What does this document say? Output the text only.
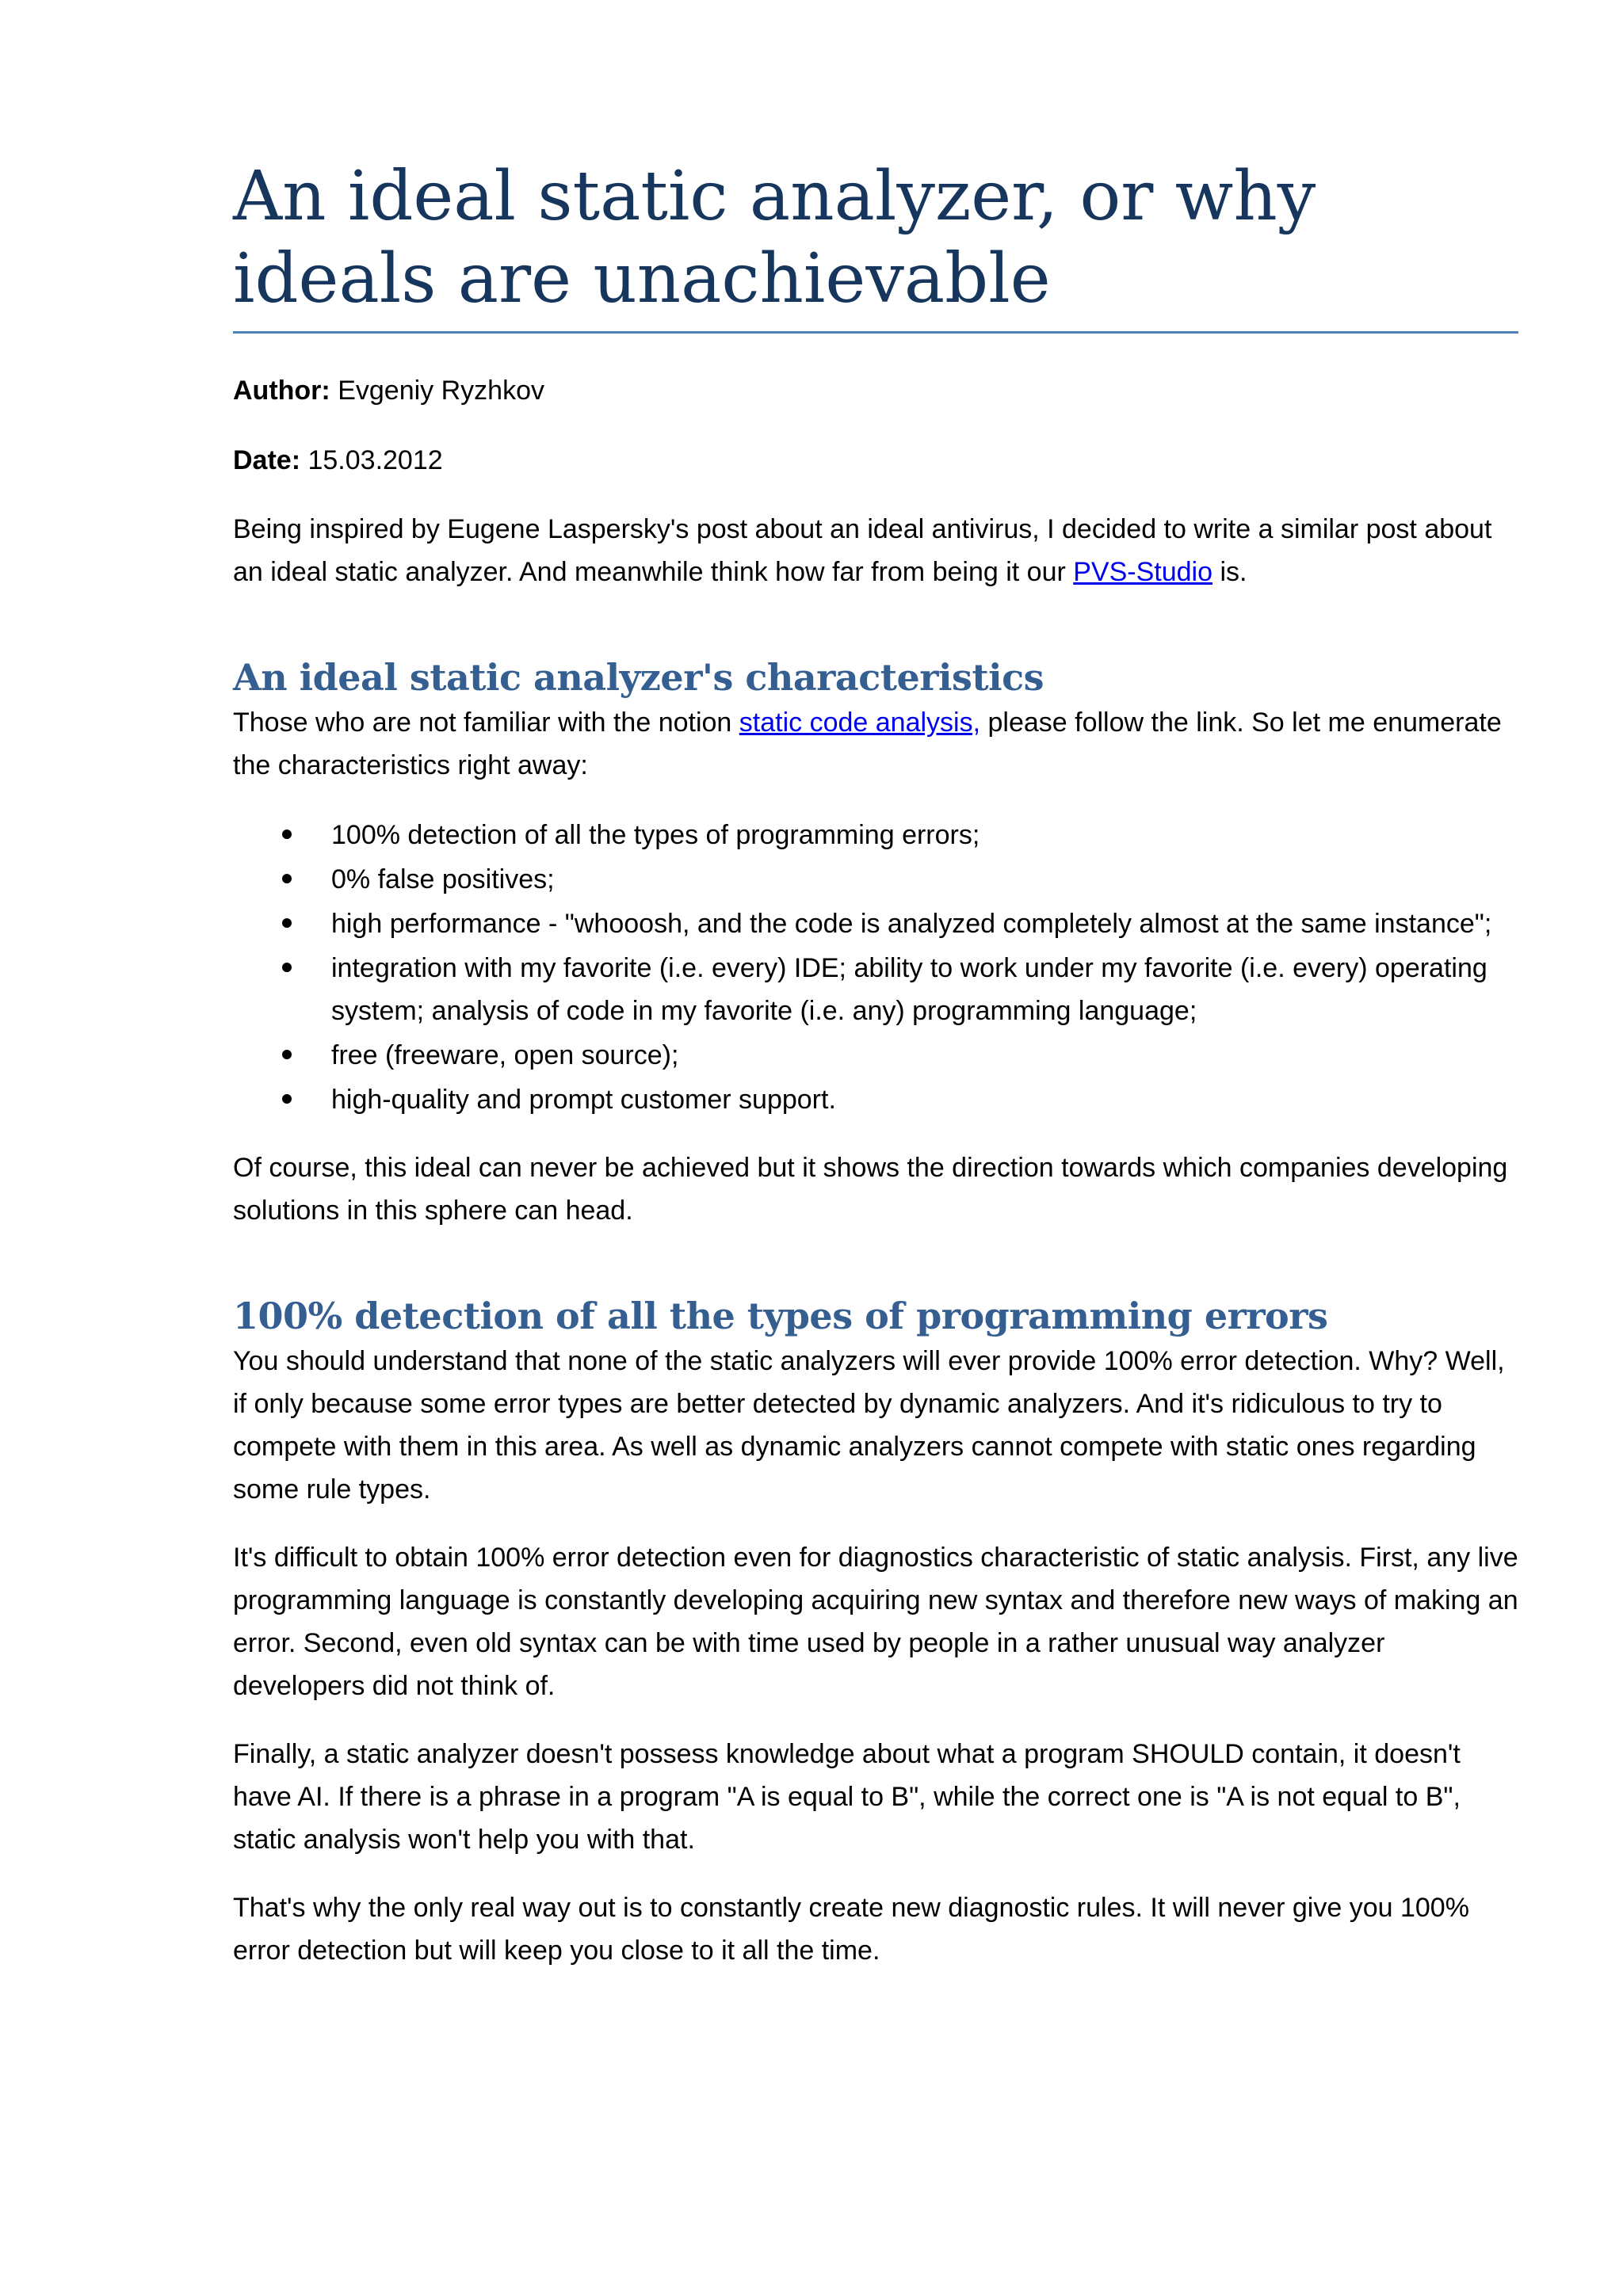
An ideal static analyzer, or why ideals are unachievable

Author: Evgeniy Ryzhkov

Date: 15.03.2012

Being inspired by Eugene Laspersky's post about an ideal antivirus, I decided to write a similar post about an ideal static analyzer. And meanwhile think how far from being it our PVS-Studio is.

An ideal static analyzer's characteristics

Those who are not familiar with the notion static code analysis, please follow the link. So let me enumerate the characteristics right away:

100% detection of all the types of programming errors;
0% false positives;
high performance - "whooosh, and the code is analyzed completely almost at the same instance";
integration with my favorite (i.e. every) IDE; ability to work under my favorite (i.e. every) operating system; analysis of code in my favorite (i.e. any) programming language;
free (freeware, open source);
high-quality and prompt customer support.

Of course, this ideal can never be achieved but it shows the direction towards which companies developing solutions in this sphere can head.

100% detection of all the types of programming errors

You should understand that none of the static analyzers will ever provide 100% error detection. Why? Well, if only because some error types are better detected by dynamic analyzers. And it's ridiculous to try to compete with them in this area. As well as dynamic analyzers cannot compete with static ones regarding some rule types.

It's difficult to obtain 100% error detection even for diagnostics characteristic of static analysis. First, any live programming language is constantly developing acquiring new syntax and therefore new ways of making an error. Second, even old syntax can be with time used by people in a rather unusual way analyzer developers did not think of.

Finally, a static analyzer doesn't possess knowledge about what a program SHOULD contain, it doesn't have AI. If there is a phrase in a program "A is equal to B", while the correct one is "A is not equal to B", static analysis won't help you with that.

That's why the only real way out is to constantly create new diagnostic rules. It will never give you 100% error detection but will keep you close to it all the time.
